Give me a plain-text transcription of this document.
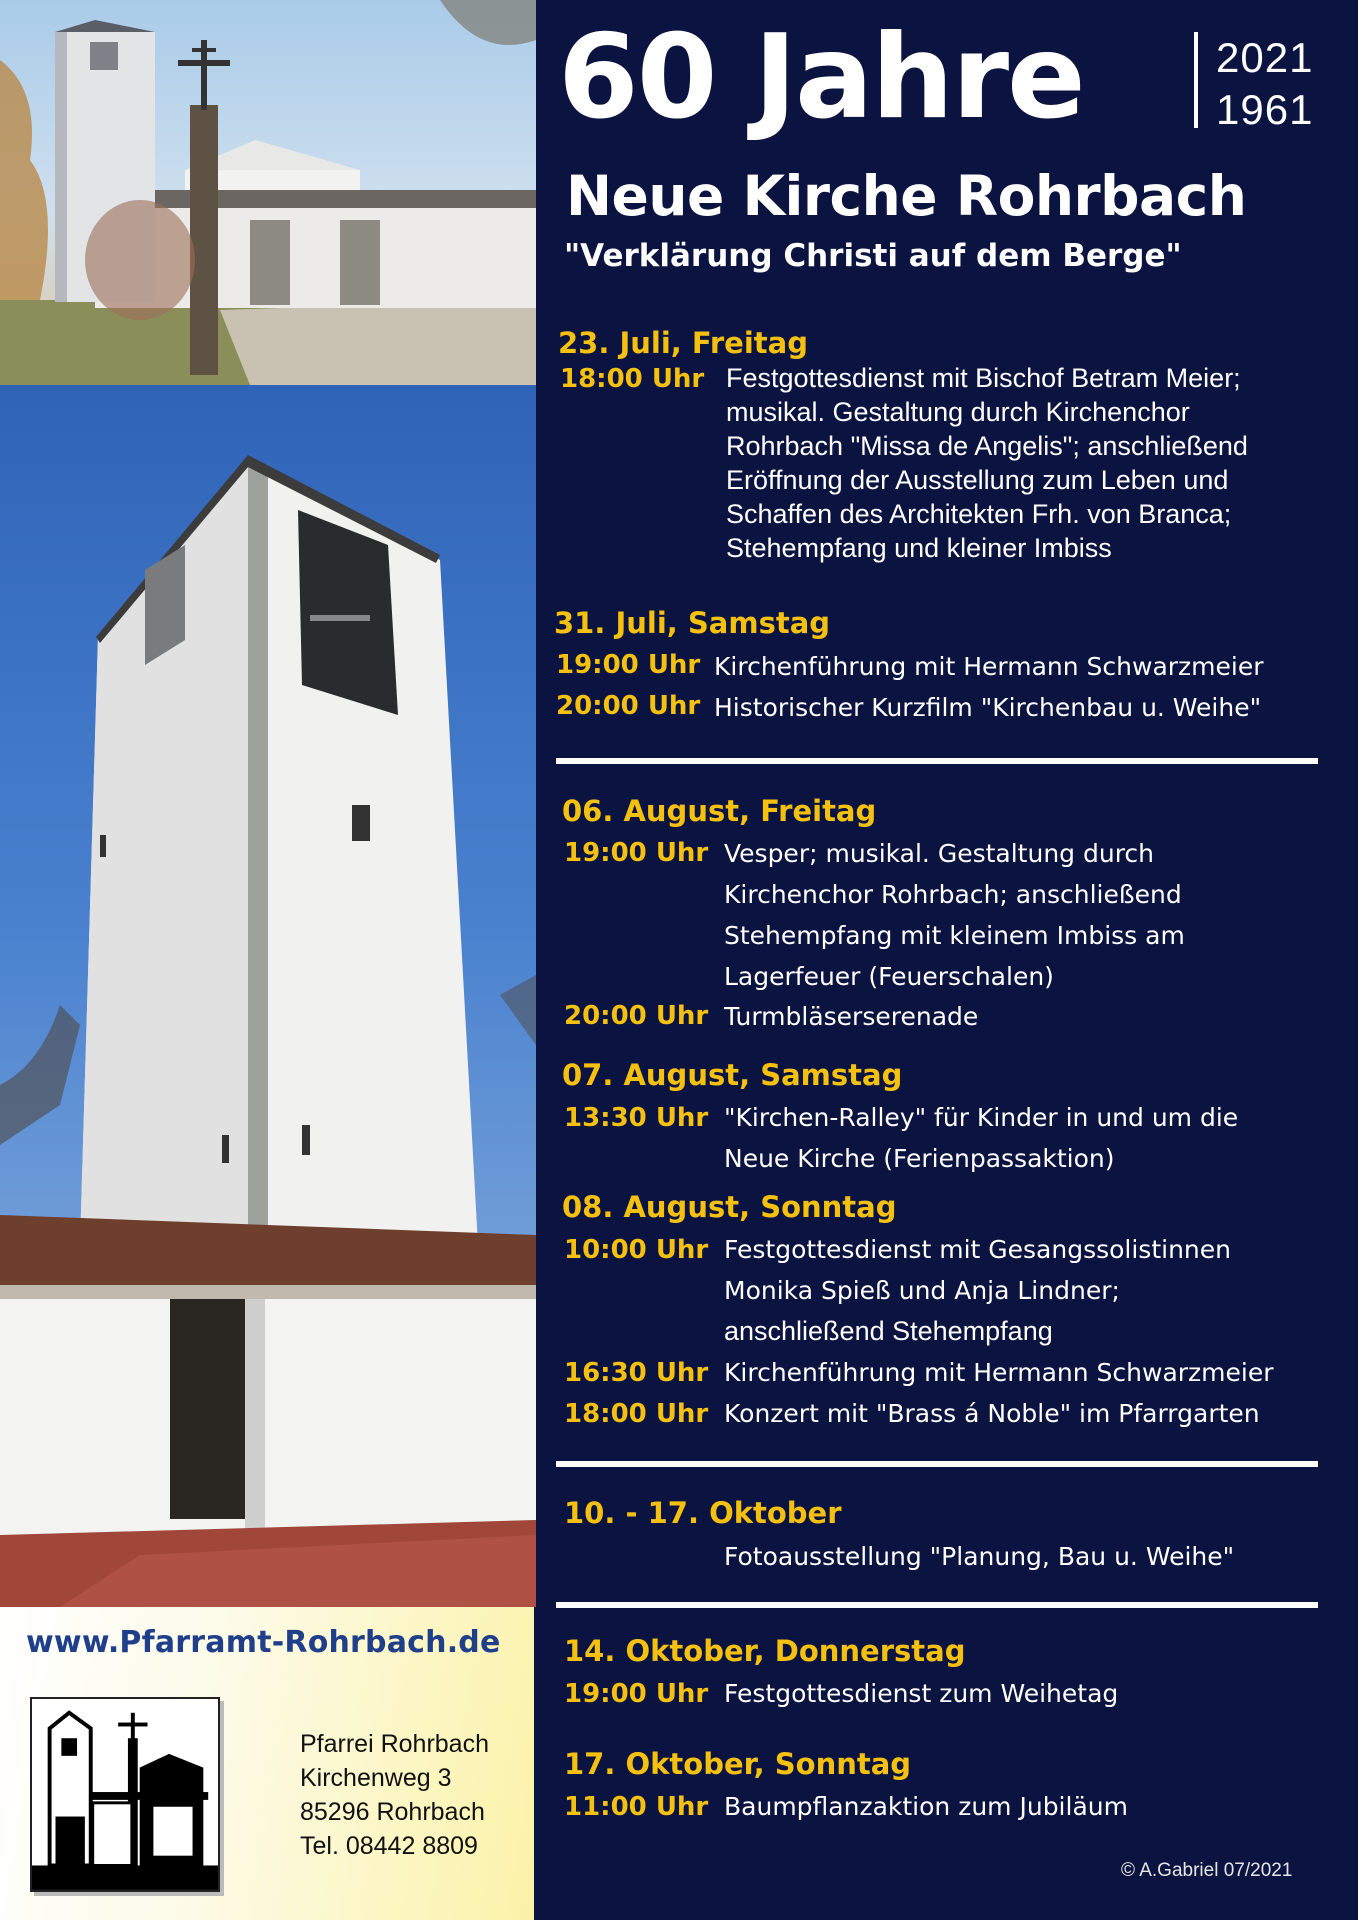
www.Pfarramt-Rohrbach.de
Pfarrei Rohrbach
Kirchenweg 3
85296 Rohrbach
Tel. 08442 8809
60 Jahre	2021
1961
Neue Kirche Rohrbach
"Verklärung Christi auf dem Berge"
23. Juli, Freitag
18:00 Uhr Festgottesdienst mit Bischof Betram Meier;
musikal. Gestaltung durch Kirchenchor
Rohrbach "Missa de Angelis"; anschließend
Eröffnung der Ausstellung zum Leben und
Schaffen des Architekten Frh. von Branca;
Stehempfang und kleiner Imbiss
31. Juli, Samstag
19:00 Uhr Kirchenführung mit Hermann Schwarzmeier
20:00 Uhr Historischer Kurzfilm "Kirchenbau u. Weihe"
06. August, Freitag
19:00 Uhr Vesper; musikal. Gestaltung durch
Kirchenchor Rohrbach; anschließend
Stehempfang mit kleinem Imbiss am
Lagerfeuer (Feuerschalen)
20:00 Uhr Turmbläserserenade
07. August, Samstag
13:30 Uhr "Kirchen-Ralley" für Kinder in und um die
Neue Kirche (Ferienpassaktion)
08. August, Sonntag
10:00 Uhr Festgottesdienst mit Gesangssolistinnen
Monika Spieß und Anja Lindner;
anschließend Stehempfang
16:30 Uhr Kirchenführung mit Hermann Schwarzmeier
18:00 Uhr Konzert mit "Brass á Noble" im Pfarrgarten
10. - 17. Oktober
Fotoausstellung "Planung, Bau u. Weihe"
14. Oktober, Donnerstag
19:00 Uhr Festgottesdienst zum Weihetag
17. Oktober, Sonntag
11:00 Uhr Baumpflanzaktion zum Jubiläum
© A.Gabriel 07/2021
